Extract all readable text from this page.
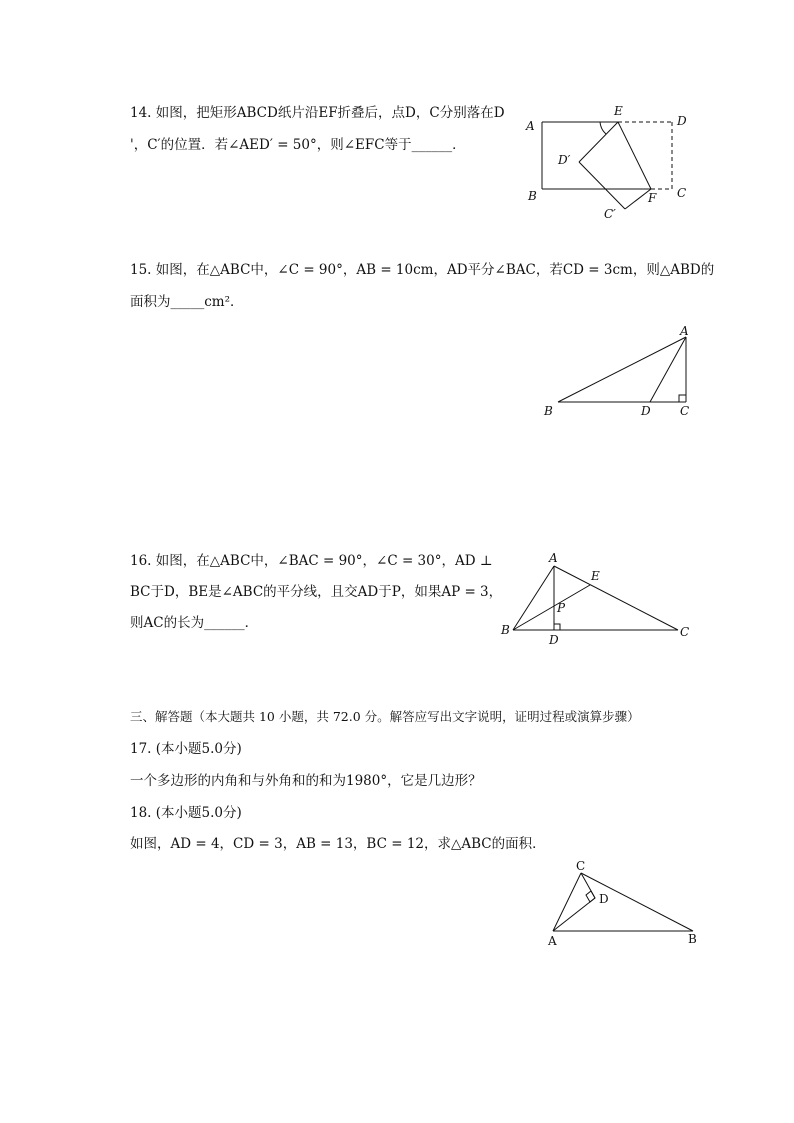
14. 如图，把矩形ABCD纸片沿EF折叠后，点D，C分别落在D
'，C′的位置．若∠AED′ = 50°，则∠EFC等于______．
A
B	C
D
E
F
D′
C′
15. 如图，在△ABC中，∠C = 90°，AB = 10cm，AD平分∠BAC，若CD = 3cm，则△ABD的
面积为_____cm²．
A
B	D C
16. 如图，在△ABC中，∠BAC = 90°，∠C = 30°，AD ⊥
BC于D，BE是∠ABC的平分线，且交AD于P，如果AP = 3，
则AC的长为______．
A
B	C
D
E
P
三、解答题（本大题共 10 小题，共 72.0 分。解答应写出文字说明，证明过程或演算步骤）
17. (本小题5.0分)
一个多边形的内角和与外角和的和为1980°，它是几边形？
18. (本小题5.0分)
如图，AD = 4，CD = 3，AB = 13，BC = 12，求△ABC的面积．
C
D
A	B
